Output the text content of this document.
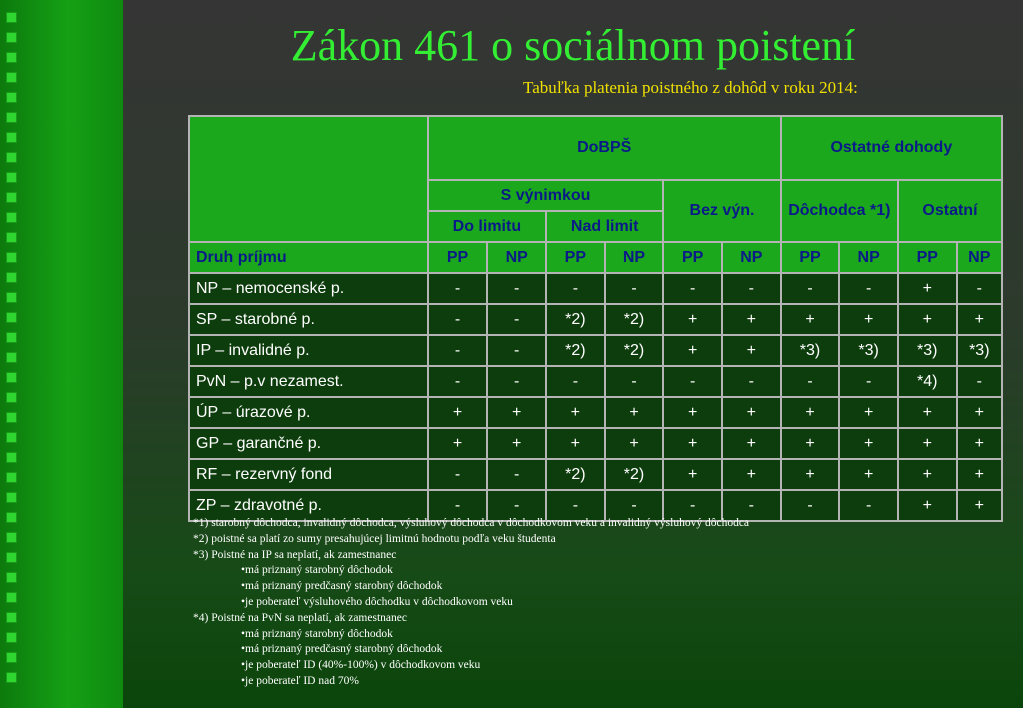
Zákon 461 o sociálnom poistení
Tabuľka platenia poistného z dohôd v roku 2014:
	DoBPŠ						Ostatné dohody			
	S výnimkou				Bez výn.		Dôchodca *1)		Ostatní	
	Do limitu		Nad limit							
Druh príjmu	PP	NP	PP	NP	PP	NP	PP	NP	PP	NP
NP – nemocenské p.	-	-	-	-	-	-	-	-	+	-
SP – starobné p.	-	-	*2)	*2)	+	+	+	+	+	+
IP – invalidné p.	-	-	*2)	*2)	+	+	*3)	*3)	*3)	*3)
PvN – p.v nezamest.	-	-	-	-	-	-	-	-	*4)	-
ÚP – úrazové p.	+	+	+	+	+	+	+	+	+	+
GP – garančné p.	+	+	+	+	+	+	+	+	+	+
RF – rezervný fond	-	-	*2)	*2)	+	+	+	+	+	+
ZP – zdravotné p.	-	-	-	-	-	-	-	-	+	+
*1) starobný dôchodca, invalidný dôchodca, výsluhový dôchodca v dôchodkovom veku a invalidný výsluhový dôchodca
*2) poistné sa platí zo sumy presahujúcej limitnú hodnotu podľa veku študenta
*3) Poistné na IP sa neplatí, ak zamestnanec
•má priznaný starobný dôchodok
•má priznaný predčasný starobný dôchodok
•je poberateľ výsluhového dôchodku v dôchodkovom veku
*4) Poistné na PvN sa neplatí, ak zamestnanec
•má priznaný starobný dôchodok
•má priznaný predčasný starobný dôchodok
•je poberateľ ID (40%-100%) v dôchodkovom veku
•je poberateľ ID nad 70%
